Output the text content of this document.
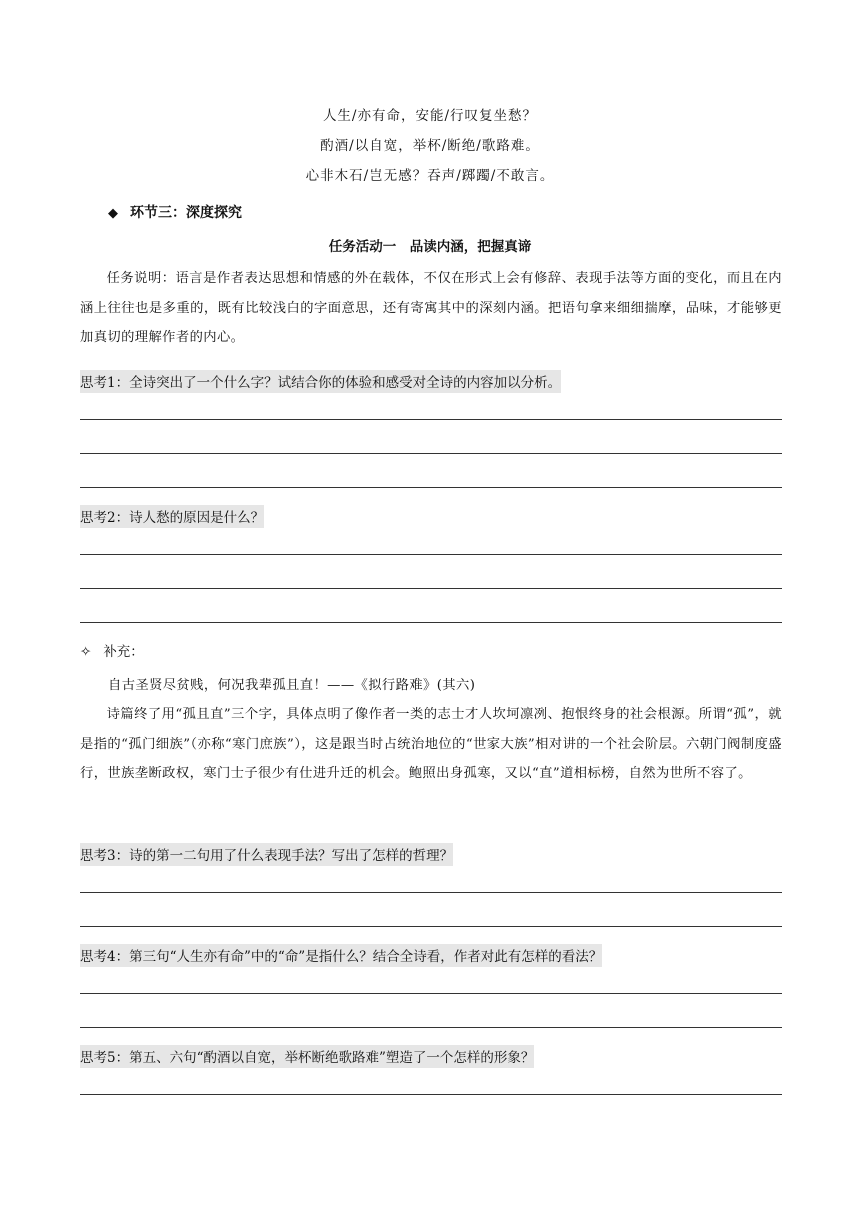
人生/亦有命，安能/行叹复坐愁？
酌酒/以自宽，举杯/断绝/歌路难。
心非木石/岂无感？吞声/踯躅/不敢言。
◆ 环节三：深度探究
任务活动一　品读内涵，把握真谛
任务说明：语言是作者表达思想和情感的外在载体，不仅在形式上会有修辞、表现手法等方面的变化，而且在内涵上往往也是多重的，既有比较浅白的字面意思，还有寄寓其中的深刻内涵。把语句拿来细细揣摩，品味，才能够更加真切的理解作者的内心。
思考1：全诗突出了一个什么字？试结合你的体验和感受对全诗的内容加以分析。
思考2：诗人愁的原因是什么？
✧ 补充：
自古圣贤尽贫贱，何况我辈孤且直！——《拟行路难》(其六)
诗篇终了用“孤且直”三个字，具体点明了像作者一类的志士才人坎坷凛冽、抱恨终身的社会根源。所谓“孤”，就是指的“孤门细族”（亦称“寒门庶族”），这是跟当时占统治地位的“世家大族”相对讲的一个社会阶层。六朝门阀制度盛行，世族垄断政权，寒门士子很少有仕进升迁的机会。鲍照出身孤寒，又以“直”道相标榜，自然为世所不容了。
思考3：诗的第一二句用了什么表现手法？写出了怎样的哲理？
思考4：第三句“人生亦有命”中的“命”是指什么？结合全诗看，作者对此有怎样的看法？
思考5：第五、六句“酌酒以自宽，举杯断绝歌路难”塑造了一个怎样的形象？
